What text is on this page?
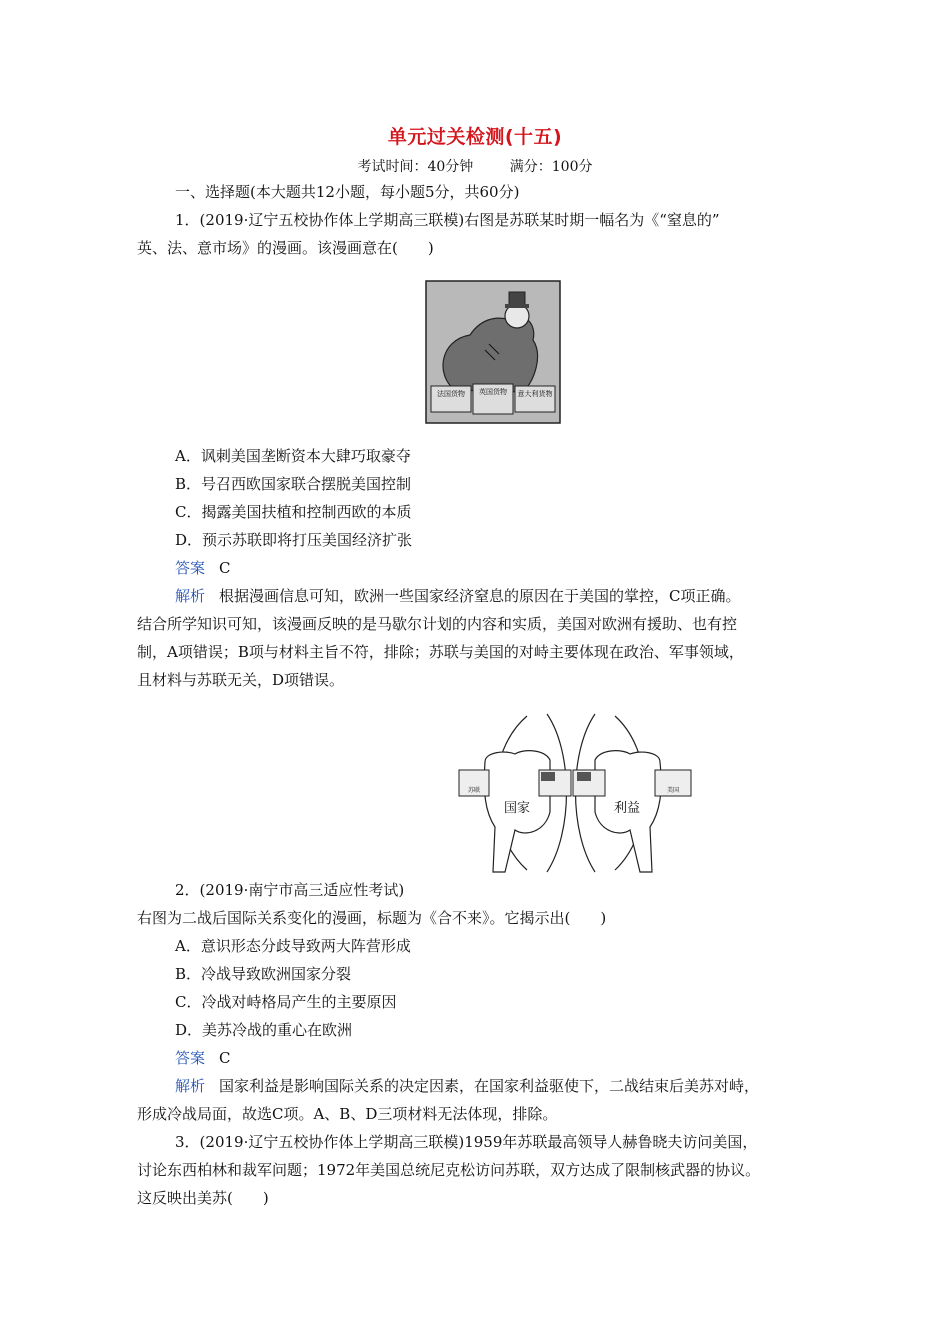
单元过关检测(十五)
考试时间：40分钟	满分：100分
一、选择题(本大题共12小题，每小题5分，共60分)
1．(2019·辽宁五校协作体上学期高三联模)右图是苏联某时期一幅名为《“窒息的”
英、法、意市场》的漫画。该漫画意在(　　)
法国货物 英国货物 意大利货物
A．讽刺美国垄断资本大肆巧取豪夺
B．号召西欧国家联合摆脱美国控制
C．揭露美国扶植和控制西欧的本质
D．预示苏联即将打压美国经济扩张
答案 C
解析 根据漫画信息可知，欧洲一些国家经济窒息的原因在于美国的掌控，C项正确。
结合所学知识可知，该漫画反映的是马歇尔计划的内容和实质，美国对欧洲有援助、也有控
制，A项错误；B项与材料主旨不符，排除；苏联与美国的对峙主要体现在政治、军事领域，
且材料与苏联无关，D项错误。
苏联	美国
国家	利益
2．(2019·南宁市高三适应性考试)
右图为二战后国际关系变化的漫画，标题为《合不来》。它揭示出(　　)
A．意识形态分歧导致两大阵营形成
B．冷战导致欧洲国家分裂
C．冷战对峙格局产生的主要原因
D．美苏冷战的重心在欧洲
答案 C
解析 国家利益是影响国际关系的决定因素，在国家利益驱使下，二战结束后美苏对峙，
形成冷战局面，故选C项。A、B、D三项材料无法体现，排除。
3．(2019·辽宁五校协作体上学期高三联模)1959年苏联最高领导人赫鲁晓夫访问美国，
讨论东西柏林和裁军问题；1972年美国总统尼克松访问苏联，双方达成了限制核武器的协议。
这反映出美苏(　　)
